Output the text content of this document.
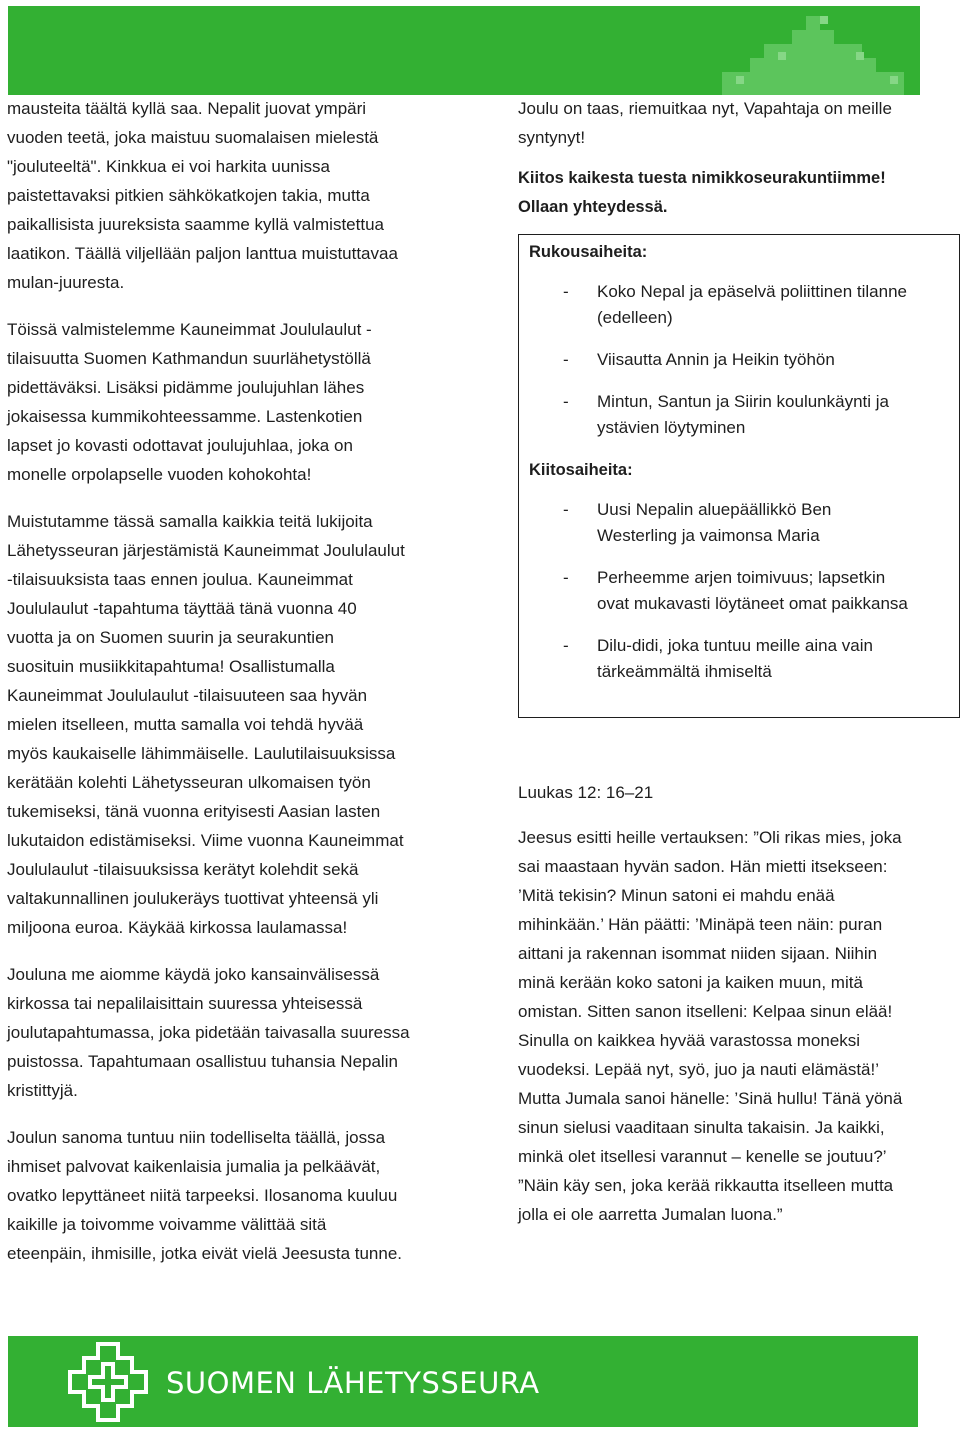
mausteita täältä kyllä saa. Nepalit juovat ympäri
vuoden teetä, joka maistuu suomalaisen mielestä
"jouluteeltä". Kinkkua ei voi harkita uunissa
paistettavaksi pitkien sähkökatkojen takia, mutta
paikallisista juureksista saamme kyllä valmistettua
laatikon. Täällä viljellään paljon lanttua muistuttavaa
mulan-juuresta.

Töissä valmistelemme Kauneimmat Joululaulut -
tilaisuutta Suomen Kathmandun suurlähetystöllä
pidettäväksi. Lisäksi pidämme joulujuhlan lähes
jokaisessa kummikohteessamme. Lastenkotien
lapset jo kovasti odottavat joulujuhlaa, joka on
monelle orpolapselle vuoden kohokohta!

Muistutamme tässä samalla kaikkia teitä lukijoita
Lähetysseuran järjestämistä Kauneimmat Joululaulut
-tilaisuuksista taas ennen joulua. Kauneimmat
Joululaulut -tapahtuma täyttää tänä vuonna 40
vuotta ja on Suomen suurin ja seurakuntien
suosituin musiikkitapahtuma! Osallistumalla
Kauneimmat Joululaulut -tilaisuuteen saa hyvän
mielen itselleen, mutta samalla voi tehdä hyvää
myös kaukaiselle lähimmäiselle. Laulutilaisuuksissa
kerätään kolehti Lähetysseuran ulkomaisen työn
tukemiseksi, tänä vuonna erityisesti Aasian lasten
lukutaidon edistämiseksi. Viime vuonna Kauneimmat
Joululaulut -tilaisuuksissa kerätyt kolehdit sekä
valtakunnallinen joulukeräys tuottivat yhteensä yli
miljoona euroa. Käykää kirkossa laulamassa!

Jouluna me aiomme käydä joko kansainvälisessä
kirkossa tai nepalilaisittain suuressa yhteisessä
joulutapahtumassa, joka pidetään taivasalla suuressa
puistossa. Tapahtumaan osallistuu tuhansia Nepalin
kristittyjä.

Joulun sanoma tuntuu niin todelliselta täällä, jossa
ihmiset palvovat kaikenlaisia jumalia ja pelkäävät,
ovatko lepyttäneet niitä tarpeeksi. Ilosanoma kuuluu
kaikille ja toivomme voivamme välittää sitä
eteenpäin, ihmisille, jotka eivät vielä Jeesusta tunne.

Joulu on taas, riemuitkaa nyt, Vapahtaja on meille
syntynyt!

Kiitos kaikesta tuesta nimikkoseurakuntiimme!
Ollaan yhteydessä.

Rukousaiheita:
- Koko Nepal ja epäselvä poliittinen tilanne
(edelleen)
- Viisautta Annin ja Heikin työhön
- Mintun, Santun ja Siirin koulunkäynti ja
ystävien löytyminen
Kiitosaiheita:
- Uusi Nepalin aluepäällikkö Ben
Westerling ja vaimonsa Maria
- Perheemme arjen toimivuus; lapsetkin
ovat mukavasti löytäneet omat paikkansa
- Dilu-didi, joka tuntuu meille aina vain
tärkeämmältä ihmiseltä
Luukas 12: 16–21

Jeesus esitti heille vertauksen: ”Oli rikas mies, joka
sai maastaan hyvän sadon. Hän mietti itsekseen:
’Mitä tekisin? Minun satoni ei mahdu enää
mihinkään.’ Hän päätti: ’Minäpä teen näin: puran
aittani ja rakennan isommat niiden sijaan. Niihin
minä kerään koko satoni ja kaiken muun, mitä
omistan. Sitten sanon itselleni: Kelpaa sinun elää!
Sinulla on kaikkea hyvää varastossa moneksi
vuodeksi. Lepää nyt, syö, juo ja nauti elämästä!’
Mutta Jumala sanoi hänelle: ’Sinä hullu! Tänä yönä
sinun sielusi vaaditaan sinulta takaisin. Ja kaikki,
minkä olet itsellesi varannut – kenelle se joutuu?’
”Näin käy sen, joka kerää rikkautta itselleen mutta
jolla ei ole aarretta Jumalan luona.”

SUOMEN LÄHETYSSEURA
